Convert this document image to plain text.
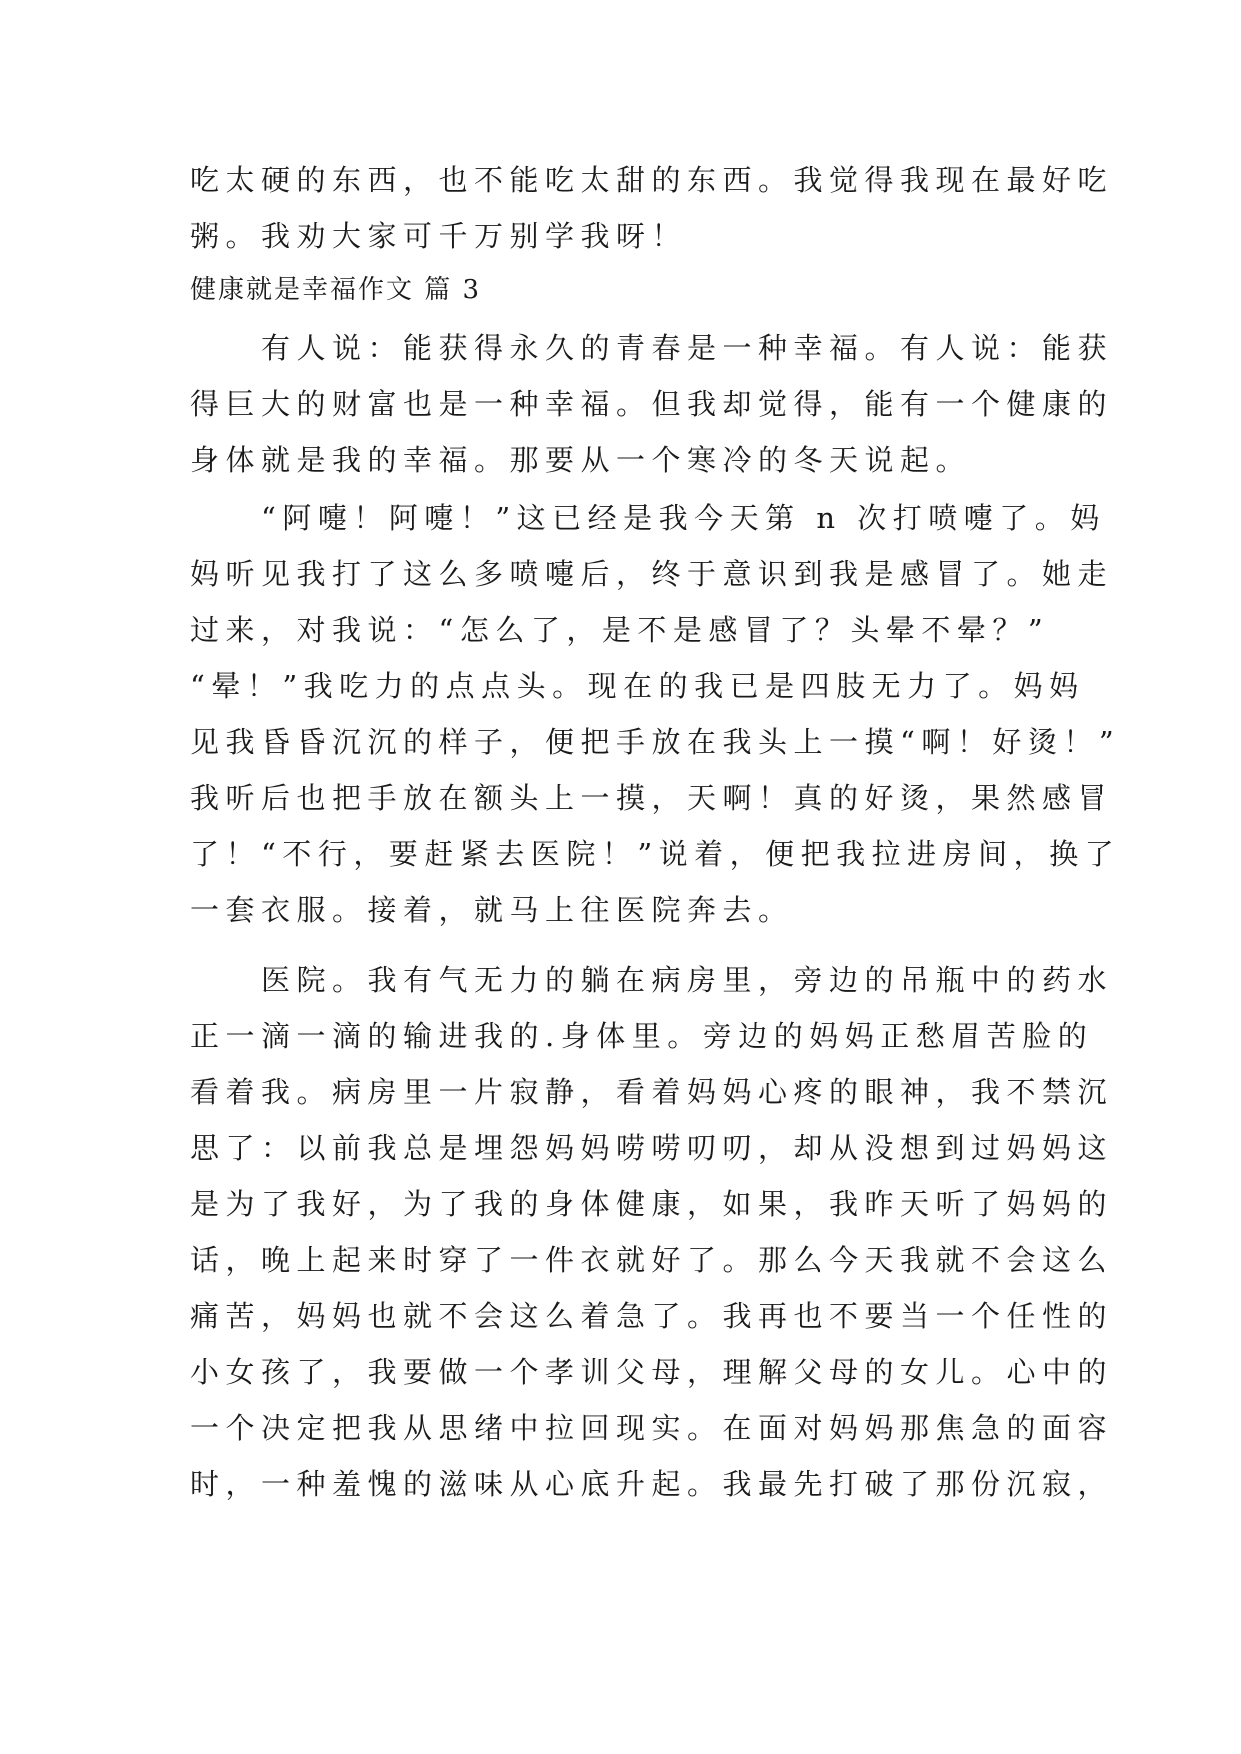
吃太硬的东西，也不能吃太甜的东西。我觉得我现在最好吃
粥。我劝大家可千万别学我呀！
健康就是幸福作文 篇 3
　　有人说：能获得永久的青春是一种幸福。有人说：能获
得巨大的财富也是一种幸福。但我却觉得，能有一个健康的
身体就是我的幸福。那要从一个寒冷的冬天说起。
　　“阿嚏！阿嚏！”这已经是我今天第 n 次打喷嚏了。妈
妈听见我打了这么多喷嚏后，终于意识到我是感冒了。她走
过来，对我说：“怎么了，是不是感冒了？头晕不晕？”
“晕！”我吃力的点点头。现在的我已是四肢无力了。妈妈
见我昏昏沉沉的样子，便把手放在我头上一摸“啊！好烫！”
我听后也把手放在额头上一摸，天啊！真的好烫，果然感冒
了！“不行，要赶紧去医院！”说着，便把我拉进房间，换了
一套衣服。接着，就马上往医院奔去。
　　医院。我有气无力的躺在病房里，旁边的吊瓶中的药水
正一滴一滴的输进我的.身体里。旁边的妈妈正愁眉苦脸的
看着我。病房里一片寂静，看着妈妈心疼的眼神，我不禁沉
思了：以前我总是埋怨妈妈唠唠叨叨，却从没想到过妈妈这
是为了我好，为了我的身体健康，如果，我昨天听了妈妈的
话，晚上起来时穿了一件衣就好了。那么今天我就不会这么
痛苦，妈妈也就不会这么着急了。我再也不要当一个任性的
小女孩了，我要做一个孝训父母，理解父母的女儿。心中的
一个决定把我从思绪中拉回现实。在面对妈妈那焦急的面容
时，一种羞愧的滋味从心底升起。我最先打破了那份沉寂，
